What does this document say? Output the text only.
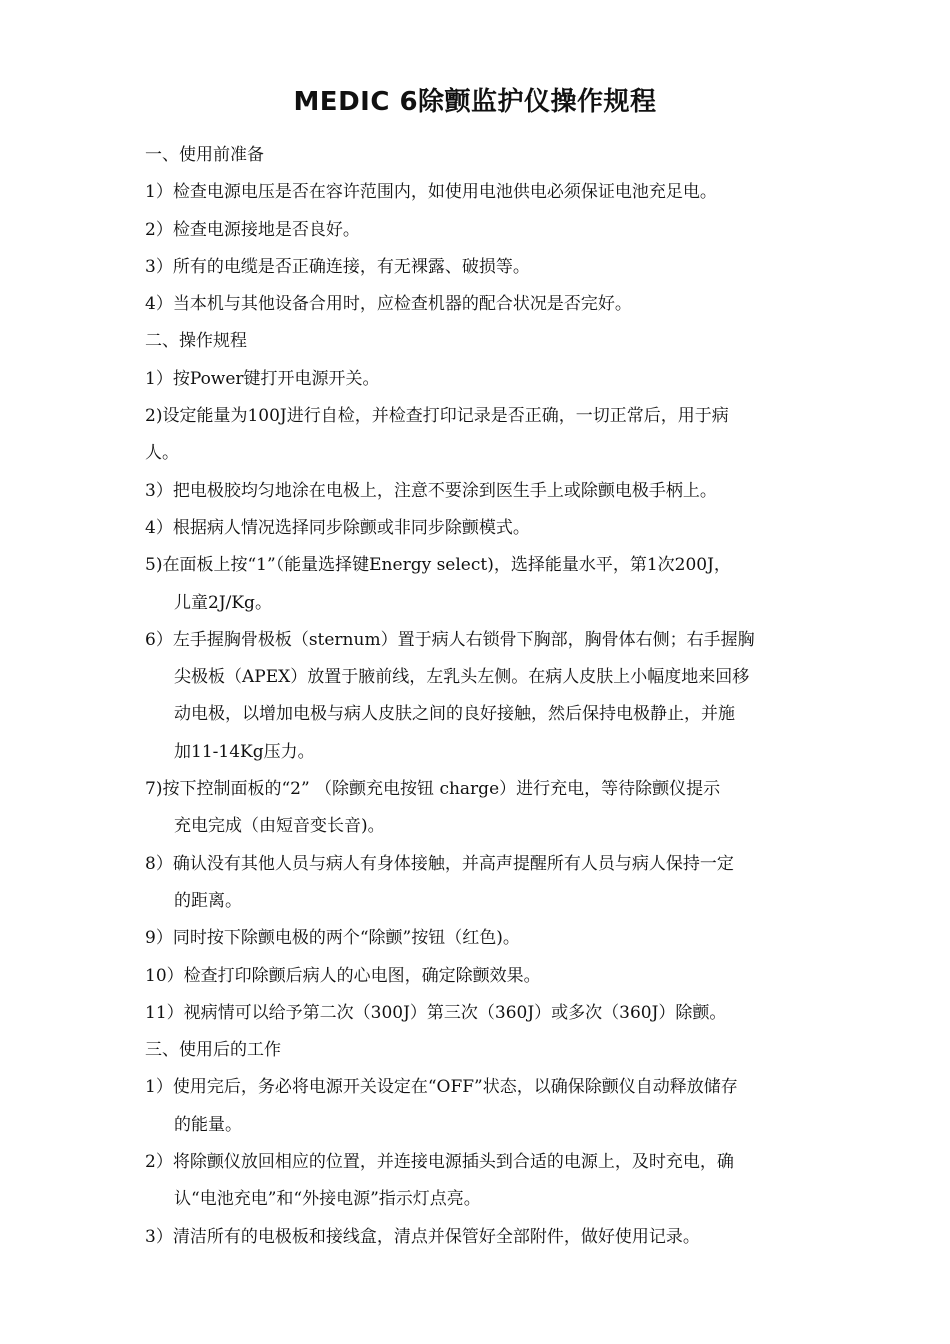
MEDIC 6除颤监护仪操作规程

一、使用前准备

1）检查电源电压是否在容许范围内，如使用电池供电必须保证电池充足电。

2）检查电源接地是否良好。

3）所有的电缆是否正确连接，有无裸露、破损等。

4）当本机与其他设备合用时，应检查机器的配合状况是否完好。

二、操作规程

1）按Power键打开电源开关。

2)设定能量为100J进行自检，并检查打印记录是否正确，一切正常后，用于病

人。

3）把电极胶均匀地涂在电极上，注意不要涂到医生手上或除颤电极手柄上。

4）根据病人情况选择同步除颤或非同步除颤模式。

5)在面板上按“1”（能量选择键Energy select)，选择能量水平，第1次200J，

儿童2J/Kg。

6）左手握胸骨极板（sternum）置于病人右锁骨下胸部，胸骨体右侧；右手握胸

尖极板（APEX）放置于腋前线，左乳头左侧。在病人皮肤上小幅度地来回移

动电极，以增加电极与病人皮肤之间的良好接触，然后保持电极静止，并施

加11-14Kg压力。

7)按下控制面板的“2” （除颤充电按钮 charge）进行充电，等待除颤仪提示

充电完成（由短音变长音)。

8）确认没有其他人员与病人有身体接触，并高声提醒所有人员与病人保持一定

的距离。

9）同时按下除颤电极的两个“除颤”按钮（红色)。

10）检查打印除颤后病人的心电图，确定除颤效果。

11）视病情可以给予第二次（300J）第三次（360J）或多次（360J）除颤。

三、使用后的工作

1）使用完后，务必将电源开关设定在“OFF”状态，以确保除颤仪自动释放储存

的能量。

2）将除颤仪放回相应的位置，并连接电源插头到合适的电源上，及时充电，确

认“电池充电”和“外接电源”指示灯点亮。

3）清洁所有的电极板和接线盒，清点并保管好全部附件，做好使用记录。
